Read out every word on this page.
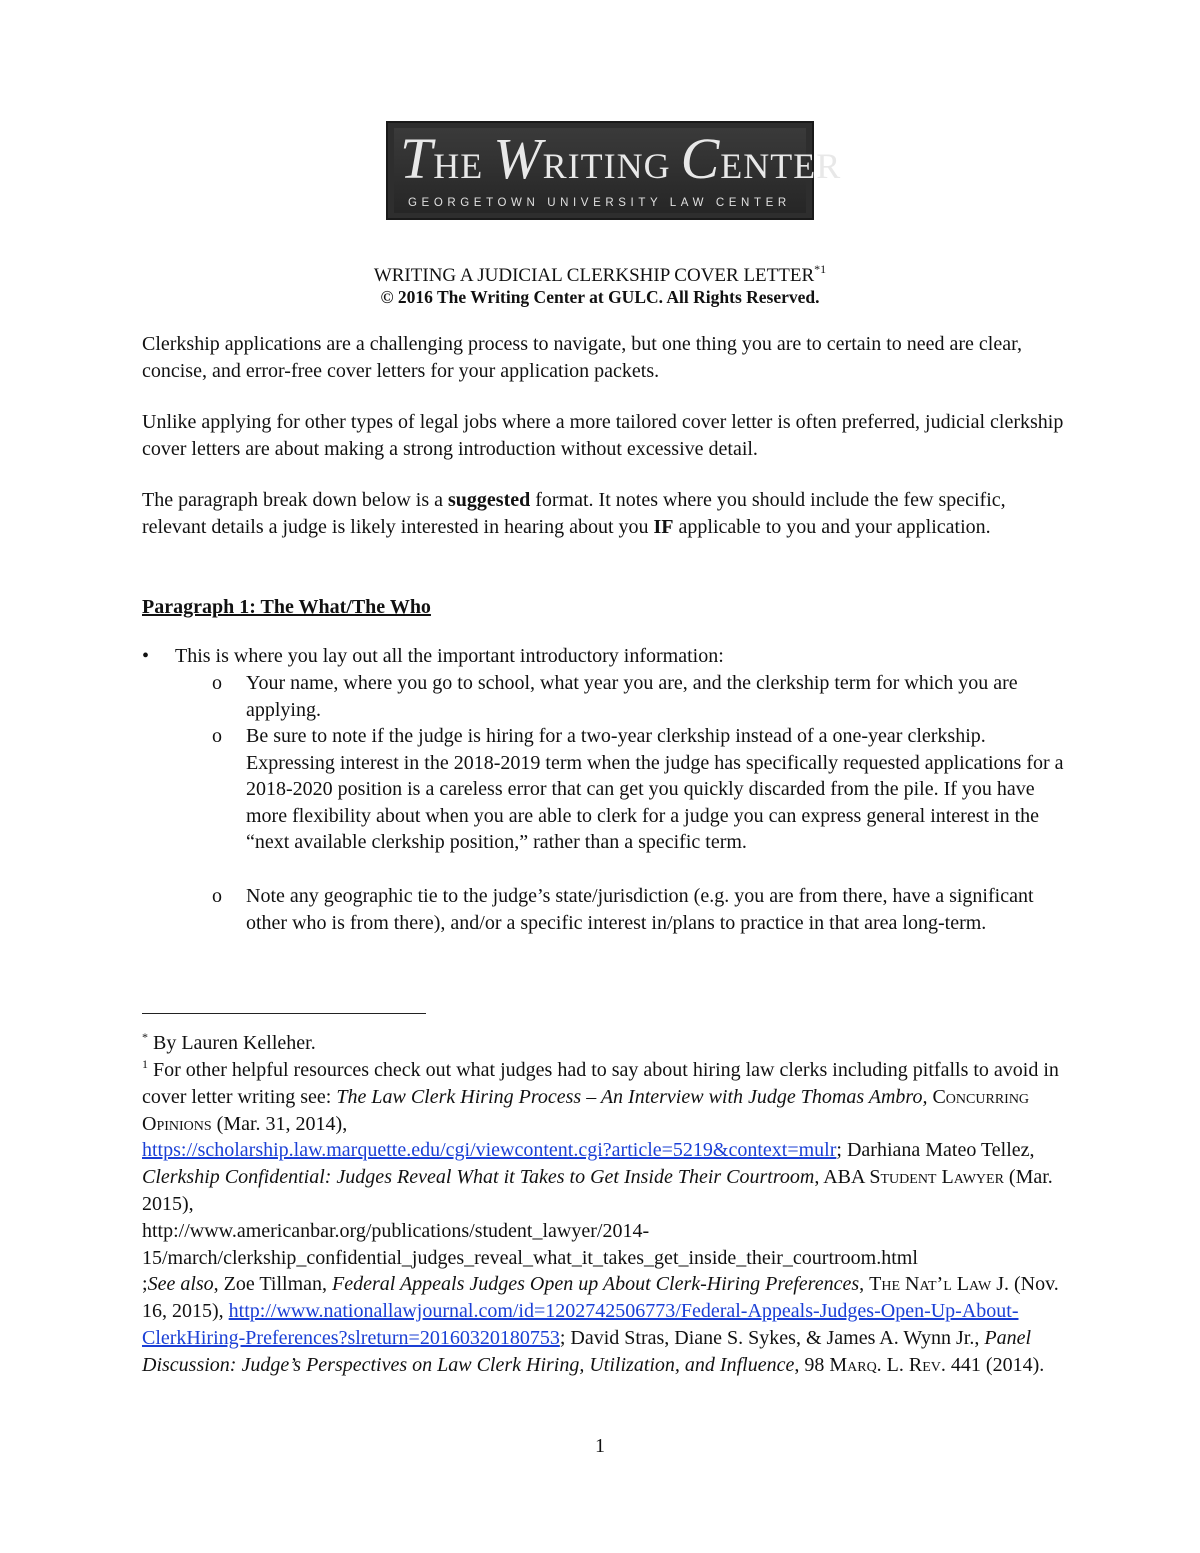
THE WRITING CENTER
GEORGETOWN UNIVERSITY LAW CENTER
WRITING A JUDICIAL CLERKSHIP COVER LETTER$^{*1}$
© 2016 The Writing Center at GULC. All Rights Reserved.
Clerkship applications are a challenging process to navigate, but one thing you are to certain to need are clear, concise, and error-free cover letters for your application packets.
Unlike applying for other types of legal jobs where a more tailored cover letter is often preferred, judicial clerkship cover letters are about making a strong introduction without excessive detail.
The paragraph break down below is a suggested format. It notes where you should include the few specific, relevant details a judge is likely interested in hearing about you IF applicable to you and your application.
Paragraph 1: The What/The Who
•	This is where you lay out all the important introductory information:
o Your name, where you go to school, what year you are, and the clerkship term for which you are applying.
o Be sure to note if the judge is hiring for a two-year clerkship instead of a one-year clerkship. Expressing interest in the 2018-2019 term when the judge has specifically requested applications for a 2018-2020 position is a careless error that can get you quickly discarded from the pile. If you have more flexibility about when you are able to clerk for a judge you can express general interest in the “next available clerkship position,” rather than a specific term.
o Note any geographic tie to the judge’s state/jurisdiction (e.g. you are from there, have a significant other who is from there), and/or a specific interest in/plans to practice in that area long-term.
* By Lauren Kelleher.
$^1$ For other helpful resources check out what judges had to say about hiring law clerks including pitfalls to avoid in cover letter writing see: The Law Clerk Hiring Process – An Interview with Judge Thomas Ambro, Concurring Opinions (Mar. 31, 2014),
https://scholarship.law.marquette.edu/cgi/viewcontent.cgi?article=5219&context=mulr; Darhiana Mateo Tellez, Clerkship Confidential: Judges Reveal What it Takes to Get Inside Their Courtroom, ABA Student Lawyer (Mar. 2015),
http://www.americanbar.org/publications/student_lawyer/2014-
15/march/clerkship_confidential_judges_reveal_what_it_takes_get_inside_their_courtroom.html
;See also, Zoe Tillman, Federal Appeals Judges Open up About Clerk-Hiring Preferences, The Nat’l Law J. (Nov. 16, 2015), http://www.nationallawjournal.com/id=1202742506773/Federal-Appeals-Judges-Open-Up-About-ClerkHiring-Preferences?slreturn=20160320180753; David Stras, Diane S. Sykes, & James A. Wynn Jr., Panel Discussion: Judge’s Perspectives on Law Clerk Hiring, Utilization, and Influence, 98 Marq. L. Rev. 441 (2014).
1
